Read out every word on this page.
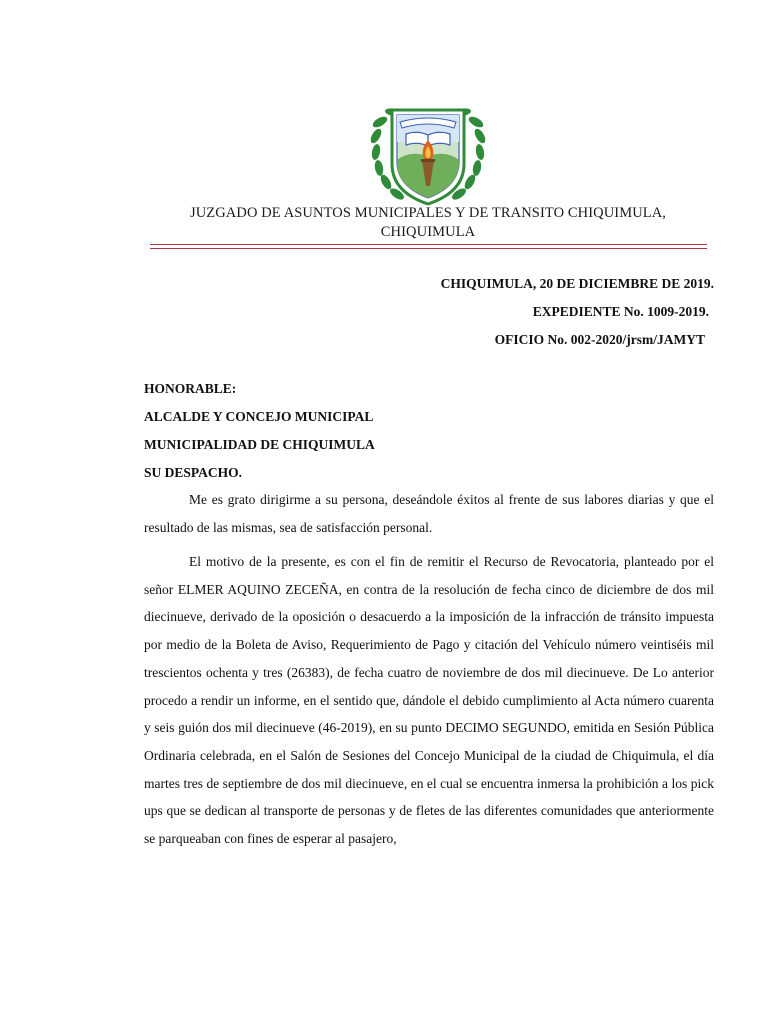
JUZGADO DE ASUNTOS MUNICIPALES Y DE TRANSITO CHIQUIMULA,
CHIQUIMULA
CHIQUIMULA, 20 DE DICIEMBRE DE 2019.
EXPEDIENTE No. 1009-2019.
OFICIO No. 002-2020/jrsm/JAMYT
HONORABLE:
ALCALDE Y CONCEJO MUNICIPAL
MUNICIPALIDAD DE CHIQUIMULA
SU DESPACHO.

Me es grato dirigirme a su persona, deseándole éxitos al frente de sus labores diarias y que el resultado de las mismas, sea de satisfacción personal.

El motivo de la presente, es con el fin de remitir el Recurso de Revocatoria, planteado por el señor ELMER AQUINO ZECEÑA, en contra de la resolución de fecha cinco de diciembre de dos mil diecinueve, derivado de la oposición o desacuerdo a la imposición de la infracción de tránsito impuesta por medio de la Boleta de Aviso, Requerimiento de Pago y citación del Vehículo número veintiséis mil trescientos ochenta y tres (26383), de fecha cuatro de noviembre de dos mil diecinueve. De Lo anterior procedo a rendir un informe, en el sentido que, dándole el debido cumplimiento al Acta número cuarenta y seis guión dos mil diecinueve (46-2019), en su punto DECIMO SEGUNDO, emitida en Sesión Pública Ordinaria celebrada, en el Salón de Sesiones del Concejo Municipal de la ciudad de Chiquimula, el día martes tres de septiembre de dos mil diecinueve, en el cual se encuentra inmersa la prohibición a los pick ups que se dedican al transporte de personas y de fletes de las diferentes comunidades que anteriormente se parqueaban con fines de esperar al pasajero,
